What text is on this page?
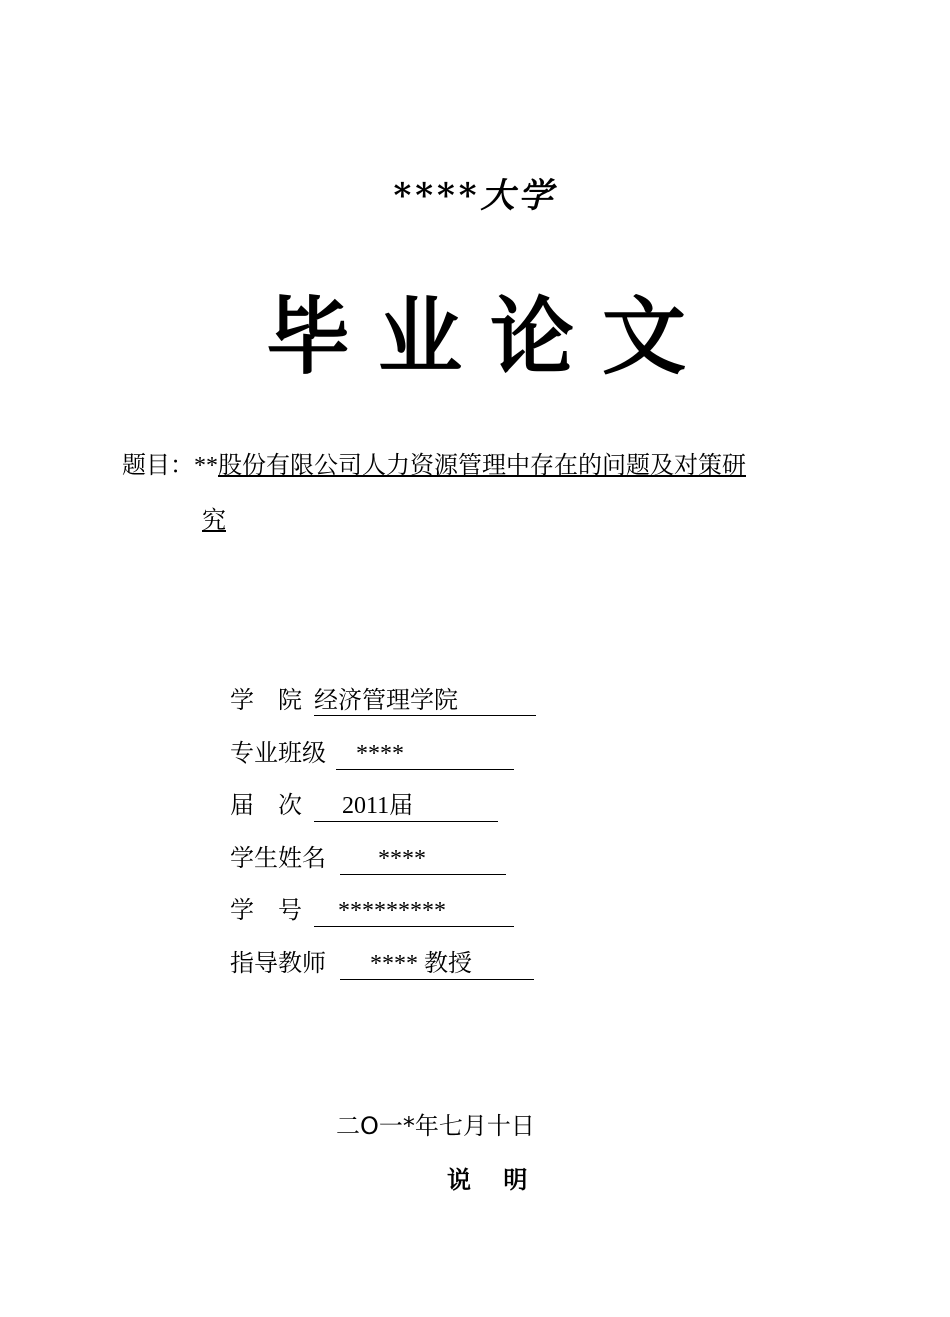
****大学
毕业论文
题目：**股份有限公司人力资源管理中存在的问题及对策研
究
学　院经济管理学院
专业班级 ****
届　次 2011届
学生姓名 ****
学　号 *********
指导教师 **** 教授
二O一*年七月十日
说 明
